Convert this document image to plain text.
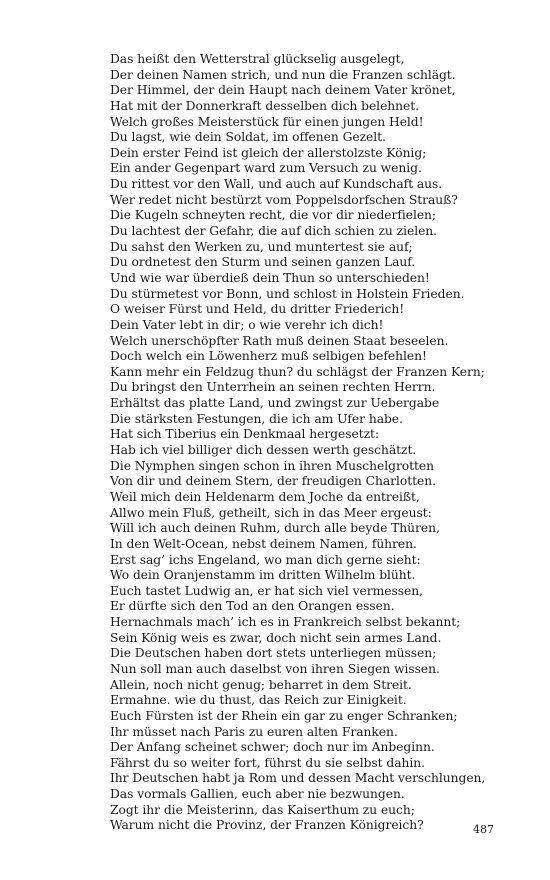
Das heißt den Wetterstral glückselig ausgelegt,
Der deinen Namen strich, und nun die Franzen schlägt.
Der Himmel, der dein Haupt nach deinem Vater krönet,
Hat mit der Donnerkraft desselben dich belehnet.
Welch großes Meisterstück für einen jungen Held!
Du lagst, wie dein Soldat, im offenen Gezelt.
Dein erster Feind ist gleich der allerstolzste König;
Ein ander Gegenpart ward zum Versuch zu wenig.
Du rittest vor den Wall, und auch auf Kundschaft aus.
Wer redet nicht bestürzt vom Poppelsdorfschen Strauß?
Die Kugeln schneyten recht, die vor dir niederfielen;
Du lachtest der Gefahr, die auf dich schien zu zielen.
Du sahst den Werken zu, und muntertest sie auf;
Du ordnetest den Sturm und seinen ganzen Lauf.
Und wie war überdieß dein Thun so unterschieden!
Du stürmetest vor Bonn, und schlost in Holstein Frieden.
O weiser Fürst und Held, du dritter Friederich!
Dein Vater lebt in dir; o wie verehr ich dich!
Welch unerschöpfter Rath muß deinen Staat beseelen.
Doch welch ein Löwenherz muß selbigen befehlen!
Kann mehr ein Feldzug thun? du schlägst der Franzen Kern;
Du bringst den Unterrhein an seinen rechten Herrn.
Erhältst das platte Land, und zwingst zur Uebergabe
Die stärksten Festungen, die ich am Ufer habe.
Hat sich Tiberius ein Denkmaal hergesetzt:
Hab ich viel billiger dich dessen werth geschätzt.
Die Nymphen singen schon in ihren Muschelgrotten
Von dir und deinem Stern, der freudigen Charlotten.
Weil mich dein Heldenarm dem Joche da entreißt,
Allwo mein Fluß, getheilt, sich in das Meer ergeust:
Will ich auch deinen Ruhm, durch alle beyde Thüren,
In den Welt-Ocean, nebst deinem Namen, führen.
Erst sag’ ichs Engeland, wo man dich gerne sieht:
Wo dein Oranjenstamm im dritten Wilhelm blüht.
Euch tastet Ludwig an, er hat sich viel vermessen,
Er dürfte sich den Tod an den Orangen essen.
Hernachmals mach’ ich es in Frankreich selbst bekannt;
Sein König weis es zwar, doch nicht sein armes Land.
Die Deutschen haben dort stets unterliegen müssen;
Nun soll man auch daselbst von ihren Siegen wissen.
Allein, noch nicht genug; beharret in dem Streit.
Ermahne. wie du thust, das Reich zur Einigkeit.
Euch Fürsten ist der Rhein ein gar zu enger Schranken;
Ihr müsset nach Paris zu euren alten Franken.
Der Anfang scheinet schwer; doch nur im Anbeginn.
Fährst du so weiter fort, führst du sie selbst dahin.
Ihr Deutschen habt ja Rom und dessen Macht verschlungen,
Das vormals Gallien, euch aber nie bezwungen.
Zogt ihr die Meisterinn, das Kaiserthum zu euch;
Warum nicht die Provinz, der Franzen Königreich?	487
